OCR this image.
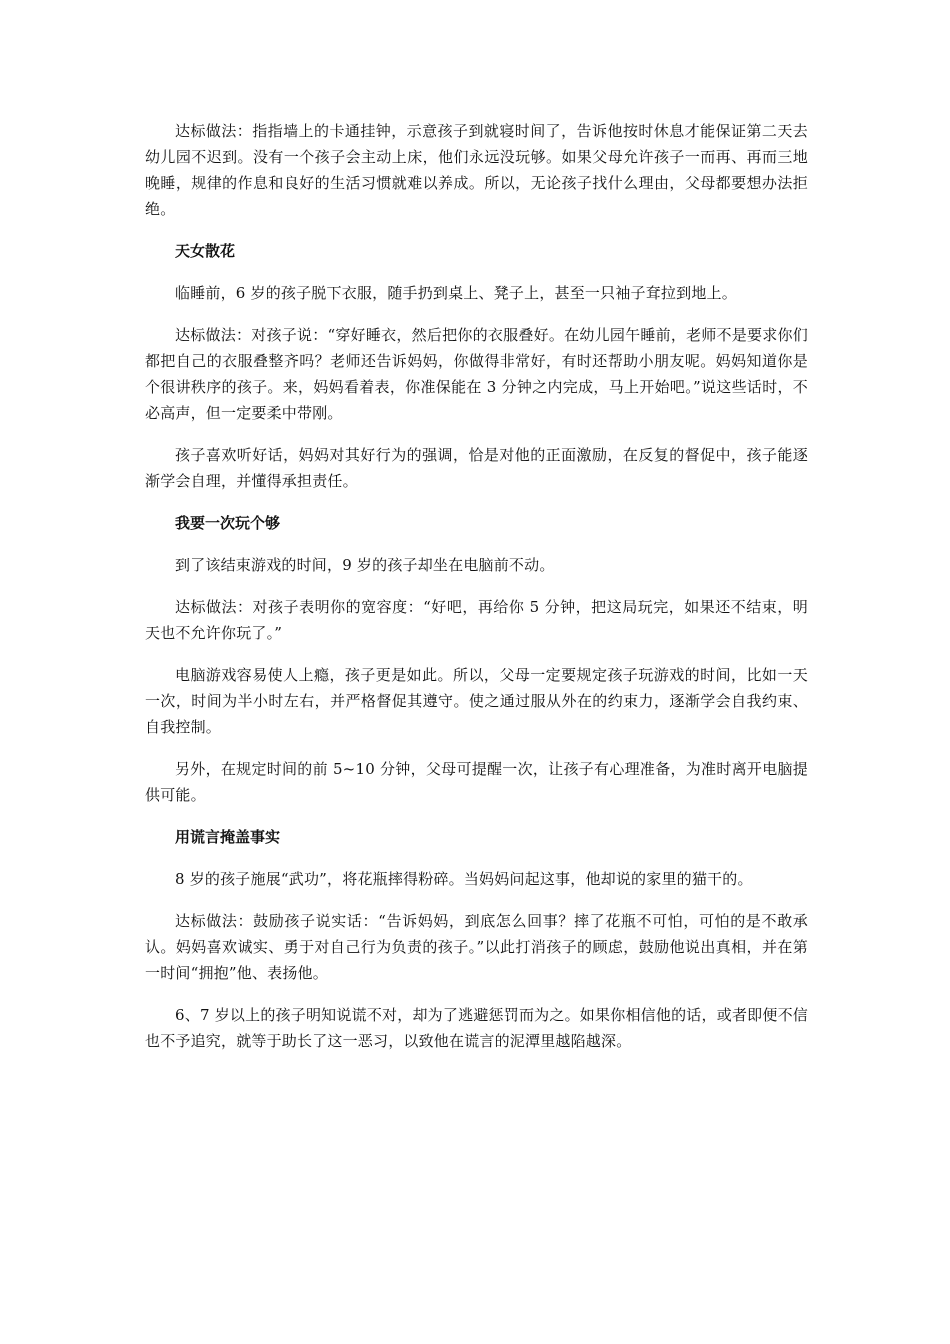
达标做法：指指墙上的卡通挂钟，示意孩子到就寝时间了，告诉他按时休息才能保证第二天去幼儿园不迟到。没有一个孩子会主动上床，他们永远没玩够。如果父母允许孩子一而再、再而三地晚睡，规律的作息和良好的生活习惯就难以养成。所以，无论孩子找什么理由，父母都要想办法拒绝。

天女散花

临睡前，6 岁的孩子脱下衣服，随手扔到桌上、凳子上，甚至一只袖子耷拉到地上。

达标做法：对孩子说：“穿好睡衣，然后把你的衣服叠好。在幼儿园午睡前，老师不是要求你们都把自己的衣服叠整齐吗？老师还告诉妈妈，你做得非常好，有时还帮助小朋友呢。妈妈知道你是个很讲秩序的孩子。来，妈妈看着表，你准保能在 3 分钟之内完成，马上开始吧。”说这些话时，不必高声，但一定要柔中带刚。

孩子喜欢听好话，妈妈对其好行为的强调，恰是对他的正面激励，在反复的督促中，孩子能逐渐学会自理，并懂得承担责任。

我要一次玩个够

到了该结束游戏的时间，9 岁的孩子却坐在电脑前不动。

达标做法：对孩子表明你的宽容度：“好吧，再给你 5 分钟，把这局玩完，如果还不结束，明天也不允许你玩了。”

电脑游戏容易使人上瘾，孩子更是如此。所以，父母一定要规定孩子玩游戏的时间，比如一天一次，时间为半小时左右，并严格督促其遵守。使之通过服从外在的约束力，逐渐学会自我约束、自我控制。

另外，在规定时间的前 5~10 分钟，父母可提醒一次，让孩子有心理准备，为准时离开电脑提供可能。

用谎言掩盖事实

8 岁的孩子施展“武功”，将花瓶摔得粉碎。当妈妈问起这事，他却说的家里的猫干的。

达标做法：鼓励孩子说实话：“告诉妈妈，到底怎么回事？摔了花瓶不可怕，可怕的是不敢承认。妈妈喜欢诚实、勇于对自己行为负责的孩子。”以此打消孩子的顾虑，鼓励他说出真相，并在第一时间“拥抱”他、表扬他。

6、7 岁以上的孩子明知说谎不对，却为了逃避惩罚而为之。如果你相信他的话，或者即便不信也不予追究，就等于助长了这一恶习，以致他在谎言的泥潭里越陷越深。
